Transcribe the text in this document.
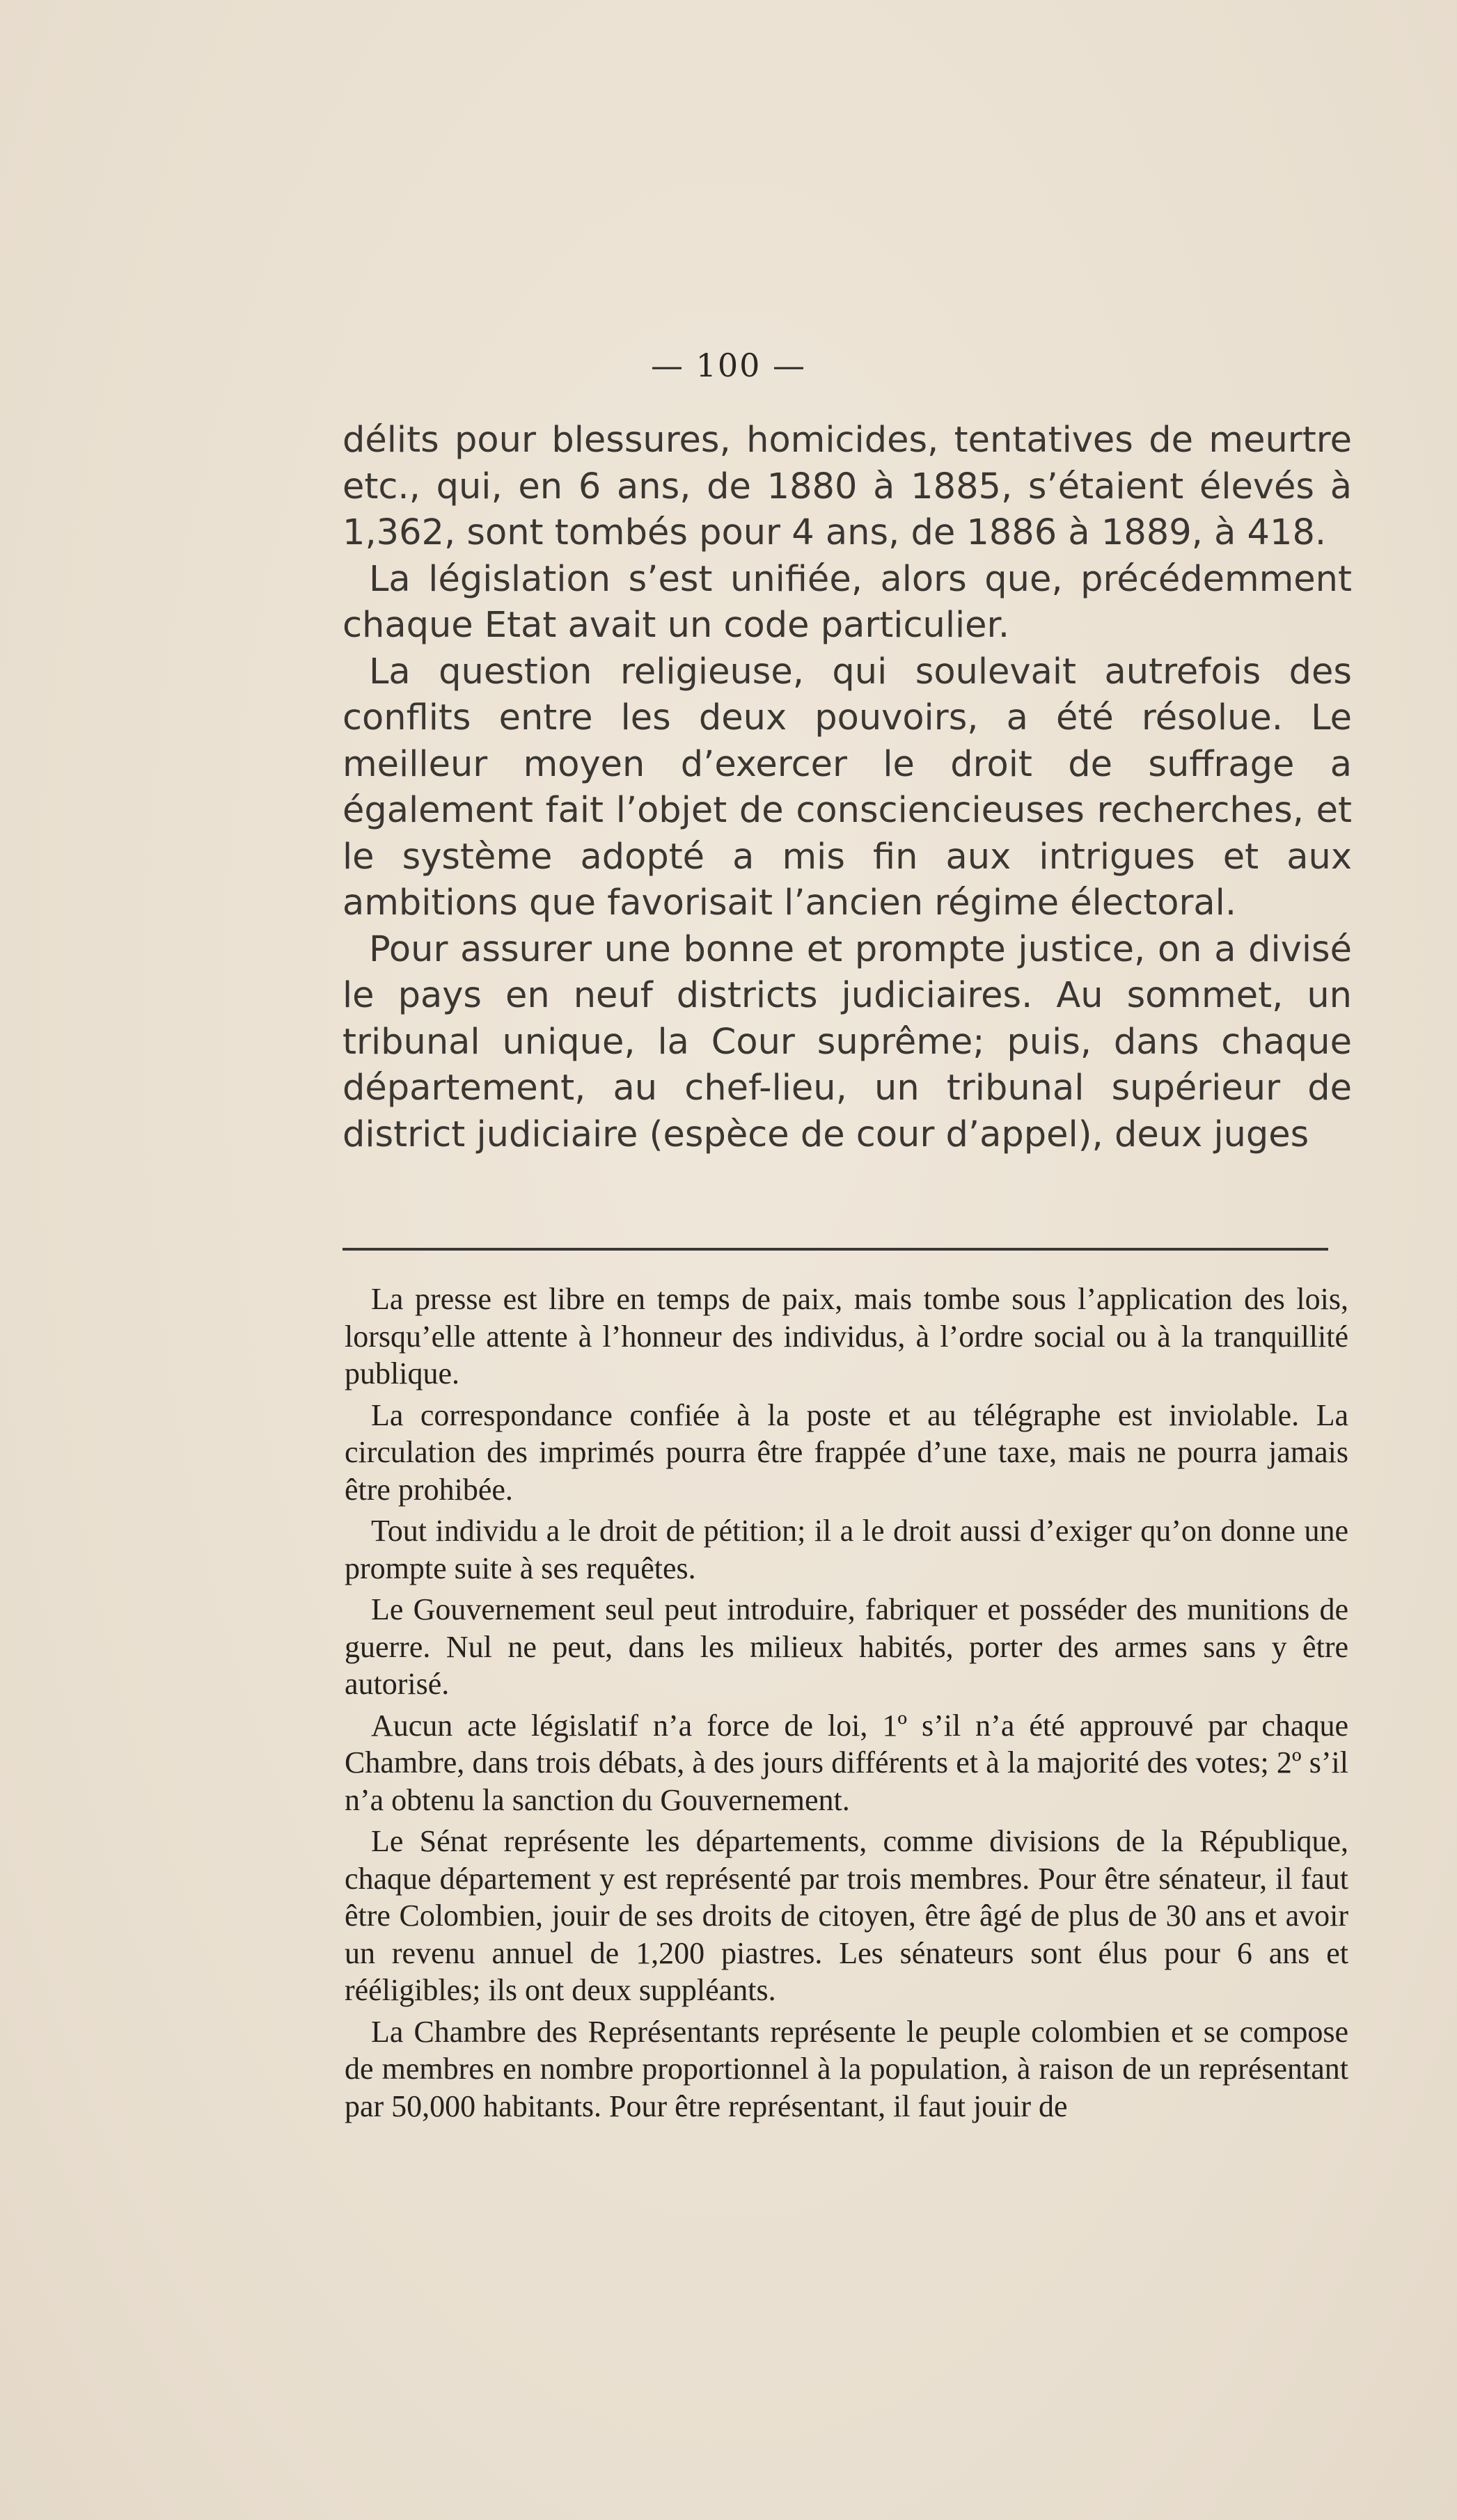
— 100 —

délits pour blessures, homicides, tentatives de meurtre etc., qui, en 6 ans, de 1880 à 1885, s’étaient élevés à 1,362, sont tombés pour 4 ans, de 1886 à 1889, à 418.

La législation s’est unifiée, alors que, précédemment chaque Etat avait un code particulier.

La question religieuse, qui soulevait autrefois des conflits entre les deux pouvoirs, a été résolue. Le meilleur moyen d’exercer le droit de suffrage a également fait l’objet de consciencieuses recherches, et le système adopté a mis fin aux intrigues et aux ambitions que favorisait l’ancien régime électoral.

Pour assurer une bonne et prompte justice, on a divisé le pays en neuf districts judiciaires. Au sommet, un tribunal unique, la Cour suprême; puis, dans chaque département, au chef-lieu, un tribunal supérieur de district judiciaire (espèce de cour d’appel), deux juges

La presse est libre en temps de paix, mais tombe sous l’application des lois, lorsqu’elle attente à l’honneur des individus, à l’ordre social ou à la tranquillité publique.

La correspondance confiée à la poste et au télégraphe est inviolable. La circulation des imprimés pourra être frappée d’une taxe, mais ne pourra jamais être prohibée.

Tout individu a le droit de pétition; il a le droit aussi d’exiger qu’on donne une prompte suite à ses requêtes.

Le Gouvernement seul peut introduire, fabriquer et posséder des munitions de guerre. Nul ne peut, dans les milieux habités, porter des armes sans y être autorisé.

Aucun acte législatif n’a force de loi, 1º s’il n’a été approuvé par chaque Chambre, dans trois débats, à des jours différents et à la majorité des votes; 2º s’il n’a obtenu la sanction du Gouvernement.

Le Sénat représente les départements, comme divisions de la République, chaque département y est représenté par trois membres. Pour être sénateur, il faut être Colombien, jouir de ses droits de citoyen, être âgé de plus de 30 ans et avoir un revenu annuel de 1,200 piastres. Les sénateurs sont élus pour 6 ans et rééligibles; ils ont deux suppléants.

La Chambre des Représentants représente le peuple colombien et se compose de membres en nombre proportionnel à la population, à raison de un représentant par 50,000 habitants. Pour être représentant, il faut jouir de
